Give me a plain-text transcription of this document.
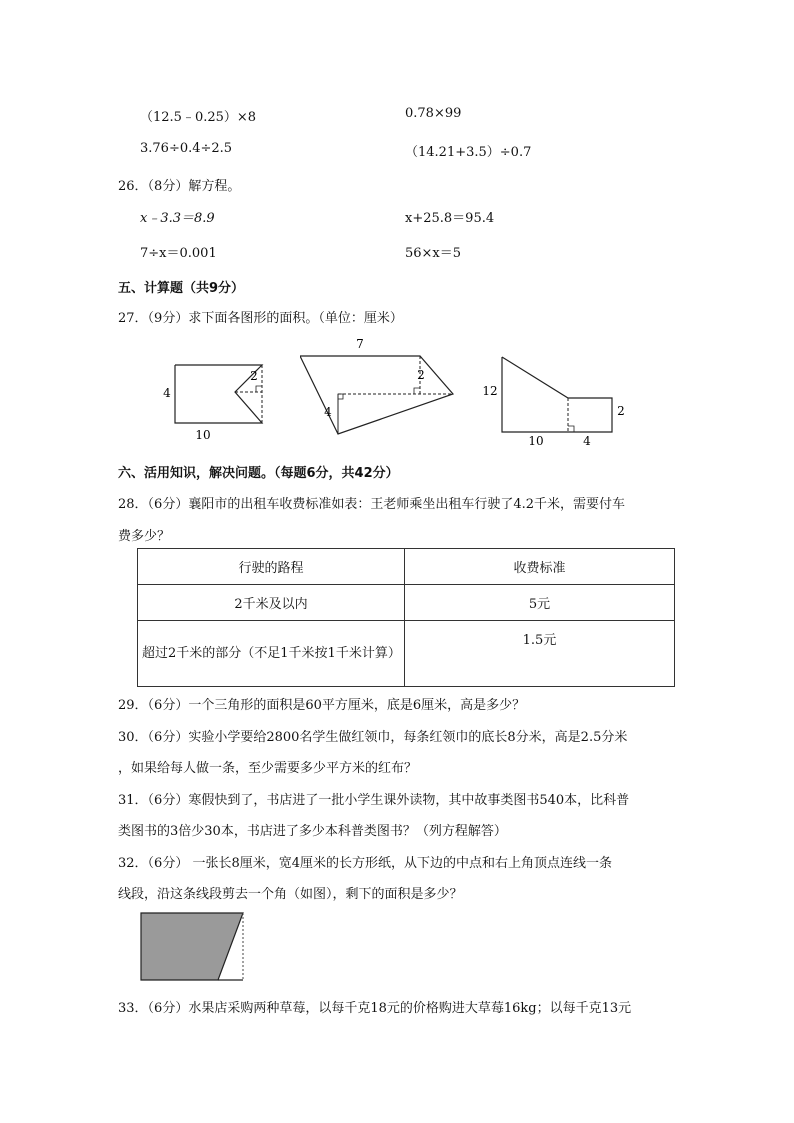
（12.5﹣0.25）×8	0.78×99
3.76÷0.4÷2.5	（14.21+3.5）÷0.7
26．（8分）解方程。
x﹣3.3＝8.9	x+25.8＝95.4
7÷x＝0.001	56×x＝5
五、计算题（共9分）
27．（9分）求下面各图形的面积。（单位：厘米）
4
10
2
7
2
4
12
2
10	4
六、活用知识，解决问题。（每题6分，共42分）
28．（6分）襄阳市的出租车收费标准如表：王老师乘坐出租车行驶了4.2千米，需要付车
费多少？
行驶的路程	收费标准
2千米及以内	5元
超过2千米的部分（不足1千米按1千米计算）	1.5元
29．（6分）一个三角形的面积是60平方厘米，底是6厘米，高是多少？
30．（6分）实验小学要给2800名学生做红领巾，每条红领巾的底长8分米，高是2.5分米
，如果给每人做一条，至少需要多少平方米的红布？
31．（6分）寒假快到了，书店进了一批小学生课外读物，其中故事类图书540本，比科普
类图书的3倍少30本，书店进了多少本科普类图书？（列方程解答）
32．（6分） 一张长8厘米，宽4厘米的长方形纸，从下边的中点和右上角顶点连线一条
线段，沿这条线段剪去一个角（如图），剩下的面积是多少？
33．（6分）水果店采购两种草莓，以每千克18元的价格购进大草莓16kg；以每千克13元
